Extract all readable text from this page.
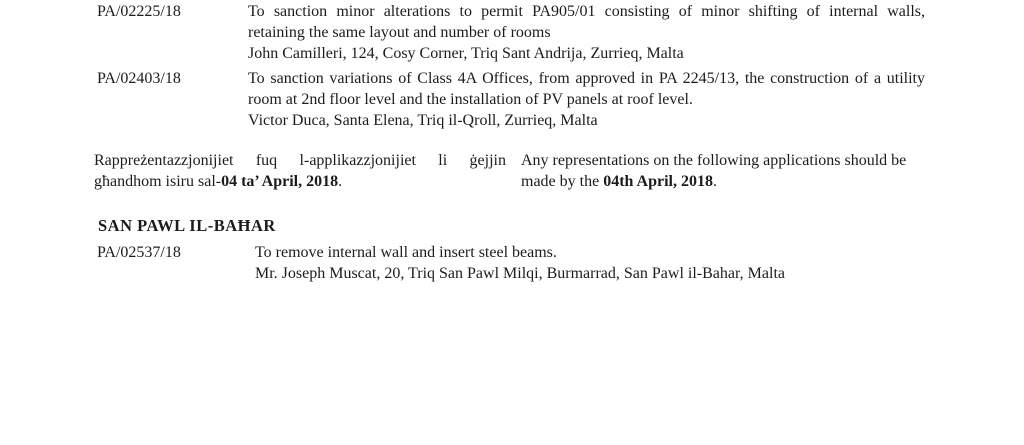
PA/02225/18	To sanction minor alterations to permit PA905/01 consisting of minor shifting of internal walls,
retaining the same layout and number of rooms
John Camilleri, 124, Cosy Corner, Triq Sant Andrija, Zurrieq, Malta
PA/02403/18	To sanction variations of Class 4A Offices, from approved in PA 2245/13, the construction of a utility
room at 2nd floor level and the installation of PV panels at roof level.
Victor Duca, Santa Elena, Triq il-Qroll, Zurrieq, Malta
Rappreżentazzjonijiet fuq l-applikazzjonijiet li ġejjin
għandhom isiru sal-04 ta’ April, 2018.
Any representations on the following applications should be
made by the 04th April, 2018.
SAN PAWL IL-BAĦAR
PA/02537/18	To remove internal wall and insert steel beams.
Mr. Joseph Muscat, 20, Triq San Pawl Milqi, Burmarrad, San Pawl il-Bahar, Malta
